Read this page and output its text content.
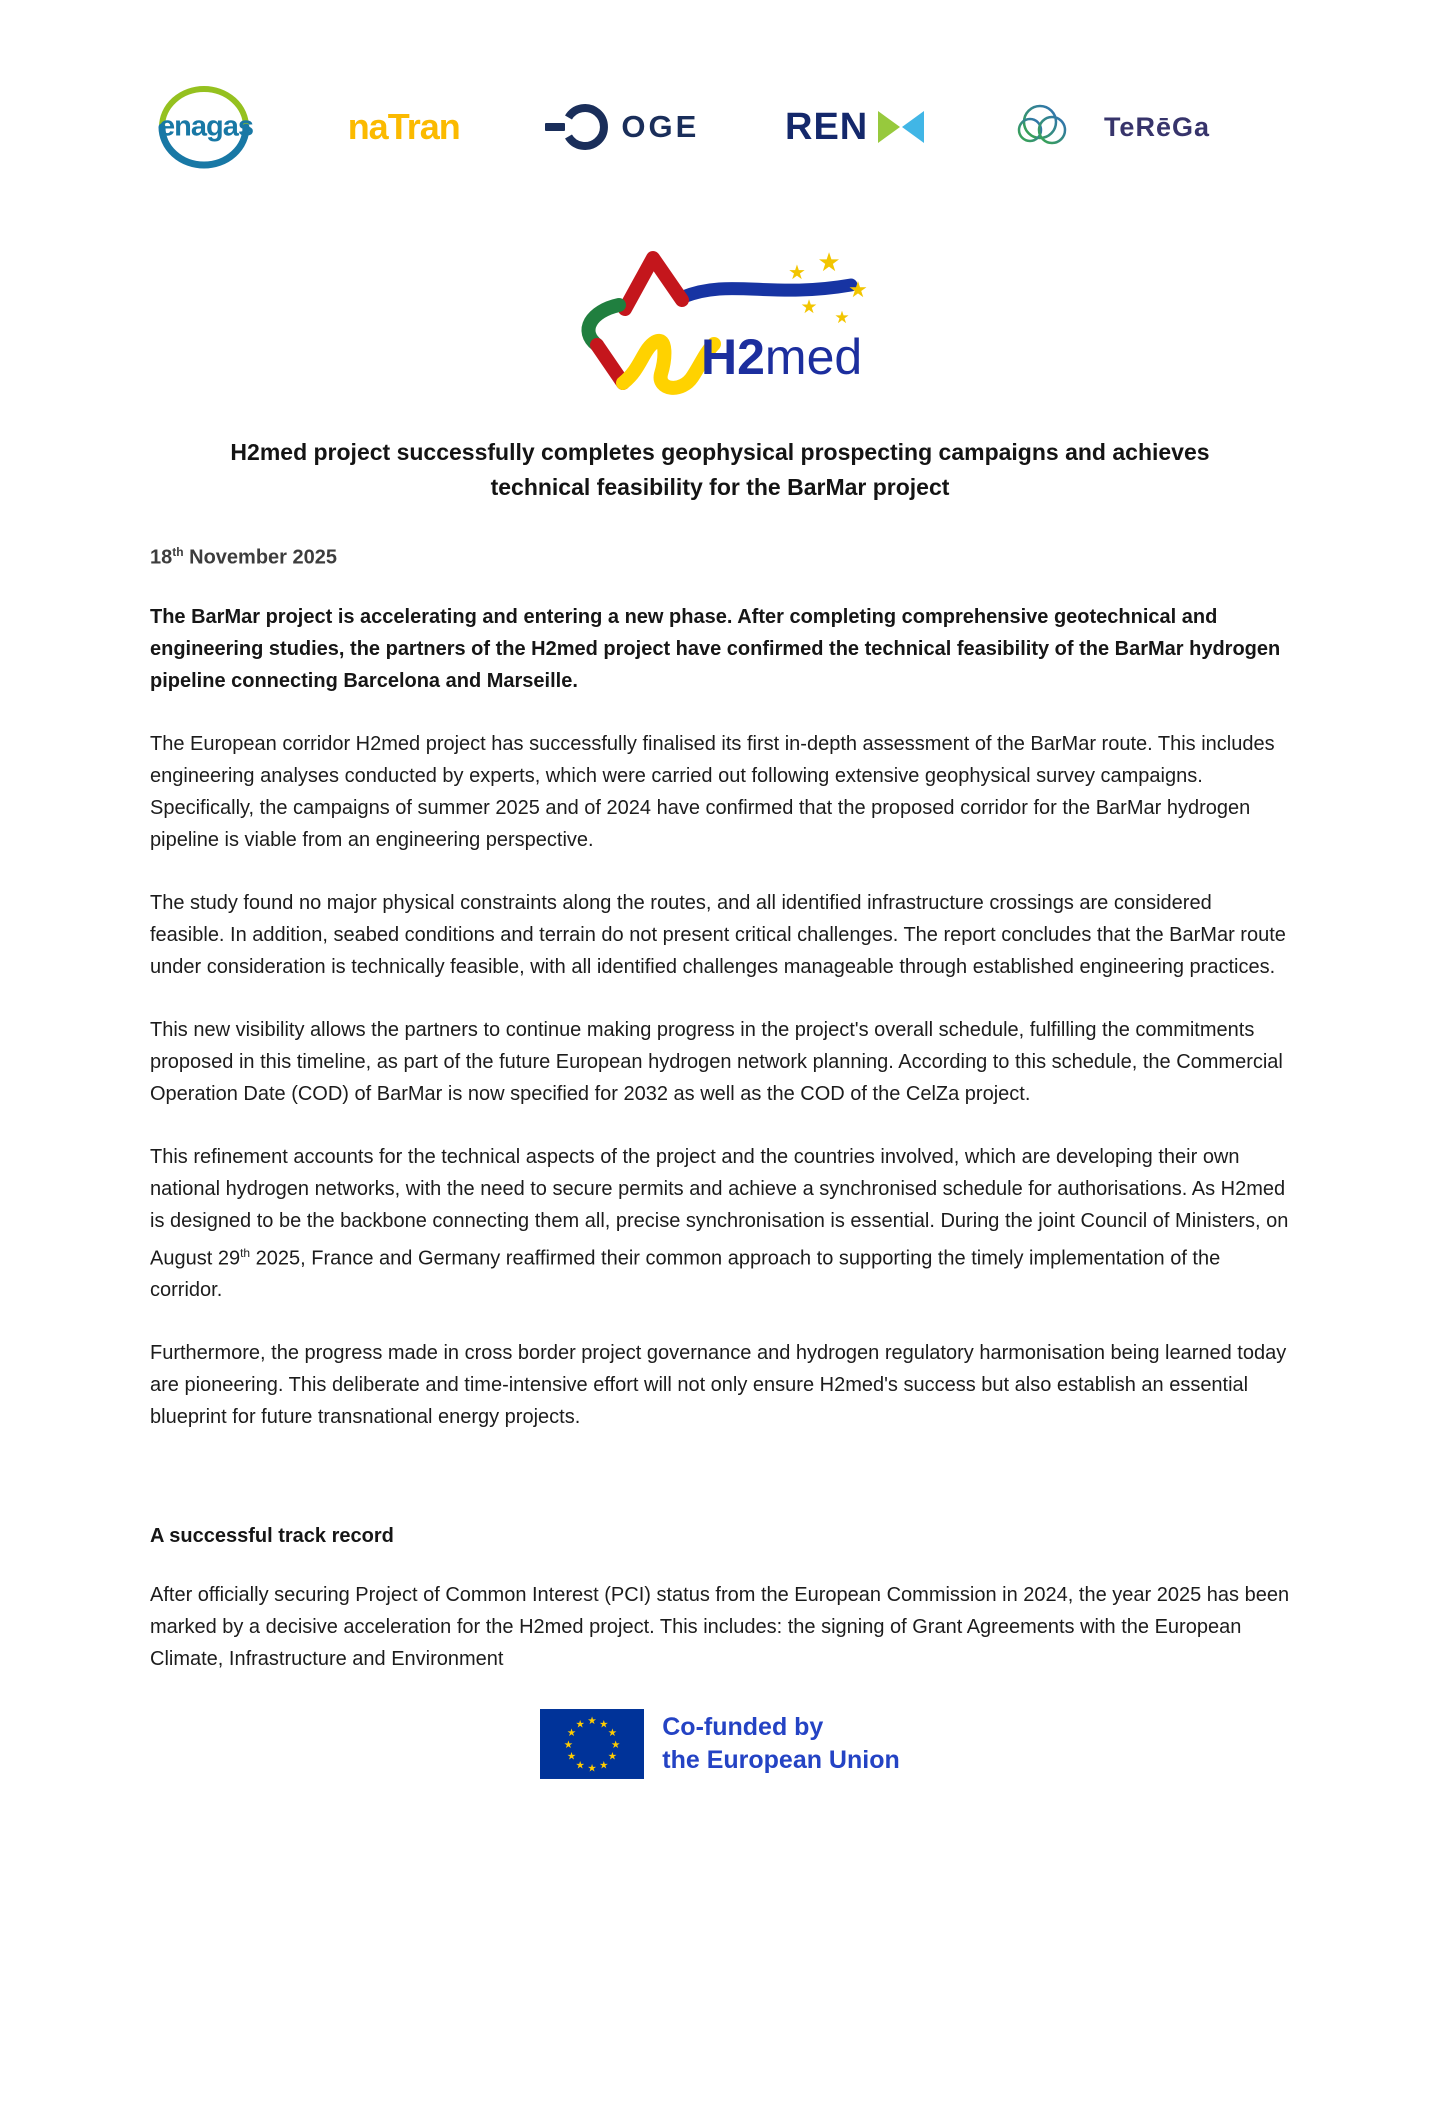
enagas	naTran	OGE REN	TeRēGa
★ ★
★
★ ★
H2med
H2med project successfully completes geophysical prospecting campaigns and achieves technical feasibility for the BarMar project

18th November 2025

The BarMar project is accelerating and entering a new phase. After completing comprehensive geotechnical and engineering studies, the partners of the H2med project have confirmed the technical feasibility of the BarMar hydrogen pipeline connecting Barcelona and Marseille.

The European corridor H2med project has successfully finalised its first in-depth assessment of the BarMar route. This includes engineering analyses conducted by experts, which were carried out following extensive geophysical survey campaigns. Specifically, the campaigns of summer 2025 and of 2024 have confirmed that the proposed corridor for the BarMar hydrogen pipeline is viable from an engineering perspective.

The study found no major physical constraints along the routes, and all identified infrastructure crossings are considered feasible. In addition, seabed conditions and terrain do not present critical challenges. The report concludes that the BarMar route under consideration is technically feasible, with all identified challenges manageable through established engineering practices.

This new visibility allows the partners to continue making progress in the project's overall schedule, fulfilling the commitments proposed in this timeline, as part of the future European hydrogen network planning. According to this schedule, the Commercial Operation Date (COD) of BarMar is now specified for 2032 as well as the COD of the CelZa project.

This refinement accounts for the technical aspects of the project and the countries involved, which are developing their own national hydrogen networks, with the need to secure permits and achieve a synchronised schedule for authorisations. As H2med is designed to be the backbone connecting them all, precise synchronisation is essential. During the joint Council of Ministers, on August 29th 2025, France and Germany reaffirmed their common approach to supporting the timely implementation of the corridor.

Furthermore, the progress made in cross border project governance and hydrogen regulatory harmonisation being learned today are pioneering. This deliberate and time-intensive effort will not only ensure H2med's success but also establish an essential blueprint for future transnational energy projects.

A successful track record

After officially securing Project of Common Interest (PCI) status from the European Commission in 2024, the year 2025 has been marked by a decisive acceleration for the H2med project. This includes: the signing of Grant Agreements with the European Climate, Infrastructure and Environment

★ ★
★
★
★
★
★
★
★
★
★
★	Co-funded by
the European Union
